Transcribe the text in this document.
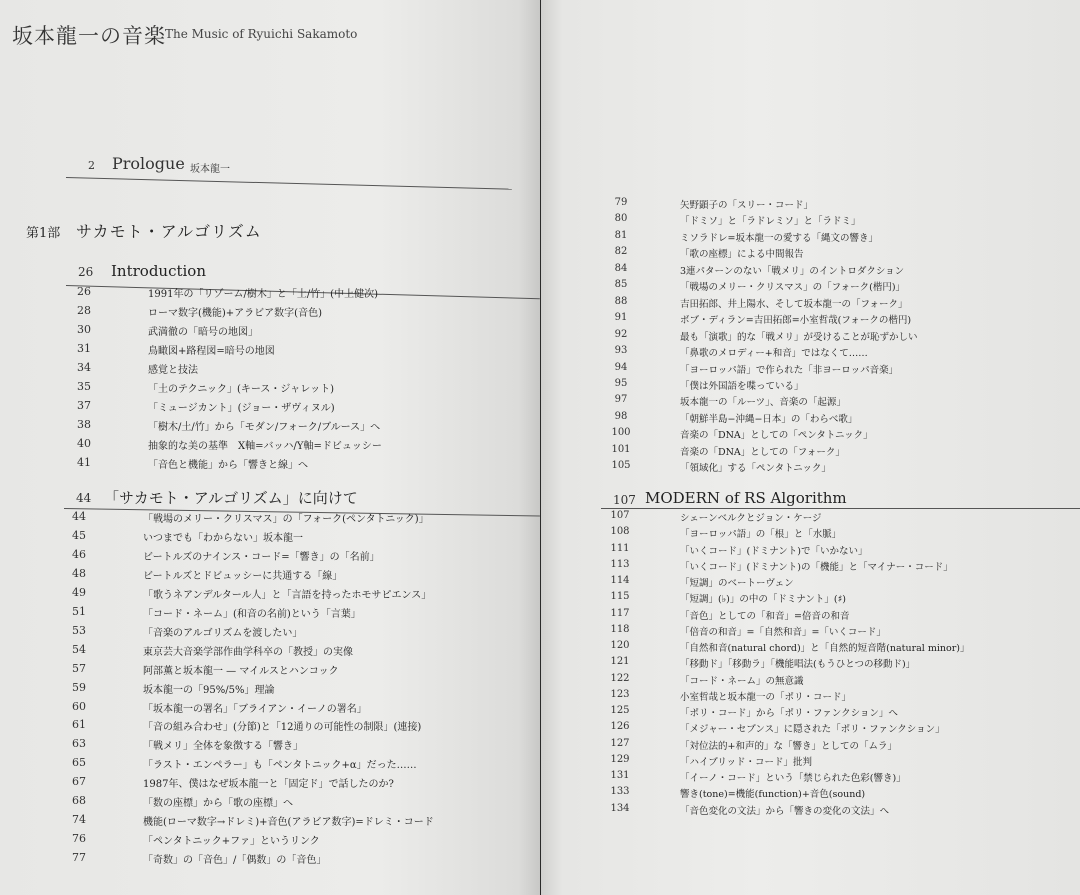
坂本龍一の音楽 The Music of Ryuichi Sakamoto
2 Prologue 坂本龍一
第1部 サカモト・アルゴリズム
26 Introduction
26	1991年の「リゾーム/樹木」と「土/竹」(中上健次)
28	ローマ数字(機能)+アラビア数字(音色)
30	武満徹の「暗号の地図」
31	鳥瞰図+路程図=暗号の地図
34	感覚と技法
35	「土のテクニック」(キース・ジャレット)
37	「ミュージカント」(ジョー・ザヴィヌル)
38	「樹木/土/竹」から「モダン/フォーク/ブルース」へ
40	抽象的な美の基準　X軸=バッハ/Y軸=ドビュッシー
41	「音色と機能」から「響きと線」へ
44 「サカモト・アルゴリズム」に向けて
44	「戦場のメリー・クリスマス」の「フォーク(ペンタトニック)」
45	いつまでも「わからない」坂本龍一
46	ビートルズのナインス・コード=「響き」の「名前」
48	ビートルズとドビュッシーに共通する「線」
49	「歌うネアンデルタール人」と「言語を持ったホモサピエンス」
51	「コード・ネーム」(和音の名前)という「言葉」
53	「音楽のアルゴリズムを渡したい」
54	東京芸大音楽学部作曲学科卒の「教授」の実像
57	阿部薫と坂本龍一 — マイルスとハンコック
59	坂本龍一の「95%/5%」理論
60	「坂本龍一の署名」「ブライアン・イーノの署名」
61	「音の組み合わせ」(分節)と「12通りの可能性の制限」(連接)
63	「戦メリ」全体を象徴する「響き」
65	「ラスト・エンペラー」も「ペンタトニック+α」だった……
67	1987年、僕はなぜ坂本龍一と「固定ド」で話したのか?
68	「数の座標」から「歌の座標」へ
74	機能(ローマ数字→ドレミ)+音色(アラビア数字)=ドレミ・コード
76	「ペンタトニック+ファ」というリンク
77	「奇数」の「音色」/「偶数」の「音色」
79	矢野顕子の「スリー・コード」
80	「ドミソ」と「ラドレミソ」と「ラドミ」
81	ミソラドレ=坂本龍一の愛する「縄文の響き」
82	「歌の座標」による中間報告
84	3連パターンのない「戦メリ」のイントロダクション
85	「戦場のメリー・クリスマス」の「フォーク(楷円)」
88	吉田拓郎、井上陽水、そして坂本龍一の「フォーク」
91	ボブ・ディラン=吉田拓郎=小室哲哉(フォークの楷円)
92	最も「演歌」的な「戦メリ」が受けることが恥ずかしい
93	「鼻歌のメロディー+和音」ではなくて……
94	「ヨーロッパ語」で作られた「非ヨーロッパ音楽」
95	「僕は外国語を喋っている」
97	坂本龍一の「ルーツ」、音楽の「起源」
98	「朝鮮半島−沖縄−日本」の「わらべ歌」
100	音楽の「DNA」としての「ペンタトニック」
101	音楽の「DNA」としての「フォーク」
105	「領域化」する「ペンタトニック」
107 MODERN of RS Algorithm
107	シェーンベルクとジョン・ケージ
108	「ヨーロッパ語」の「根」と「水脈」
111	「いくコード」(ドミナント)で「いかない」
113	「いくコード」(ドミナント)の「機能」と「マイナー・コード」
114	「短調」のベートーヴェン
115	「短調」(♭)」の中の「ドミナント」(♯)
117	「音色」としての「和音」=倍音の和音
118	「倍音の和音」=「自然和音」=「いくコード」
120	「自然和音(natural chord)」と「自然的短音階(natural minor)」
121	「移動ド」「移動ラ」「機能唱法(もうひとつの移動ド)」
122	「コード・ネーム」の無意識
123	小室哲哉と坂本龍一の「ポリ・コード」
125	「ポリ・コード」から「ポリ・ファンクション」へ
126	「メジャー・セブンス」に隠された「ポリ・ファンクション」
127	「対位法的+和声的」な「響き」としての「ムラ」
129	「ハイブリッド・コード」批判
131	「イーノ・コード」という「禁じられた色彩(響き)」
133	響き(tone)=機能(function)+音色(sound)
134	「音色変化の文法」から「響きの変化の文法」へ
